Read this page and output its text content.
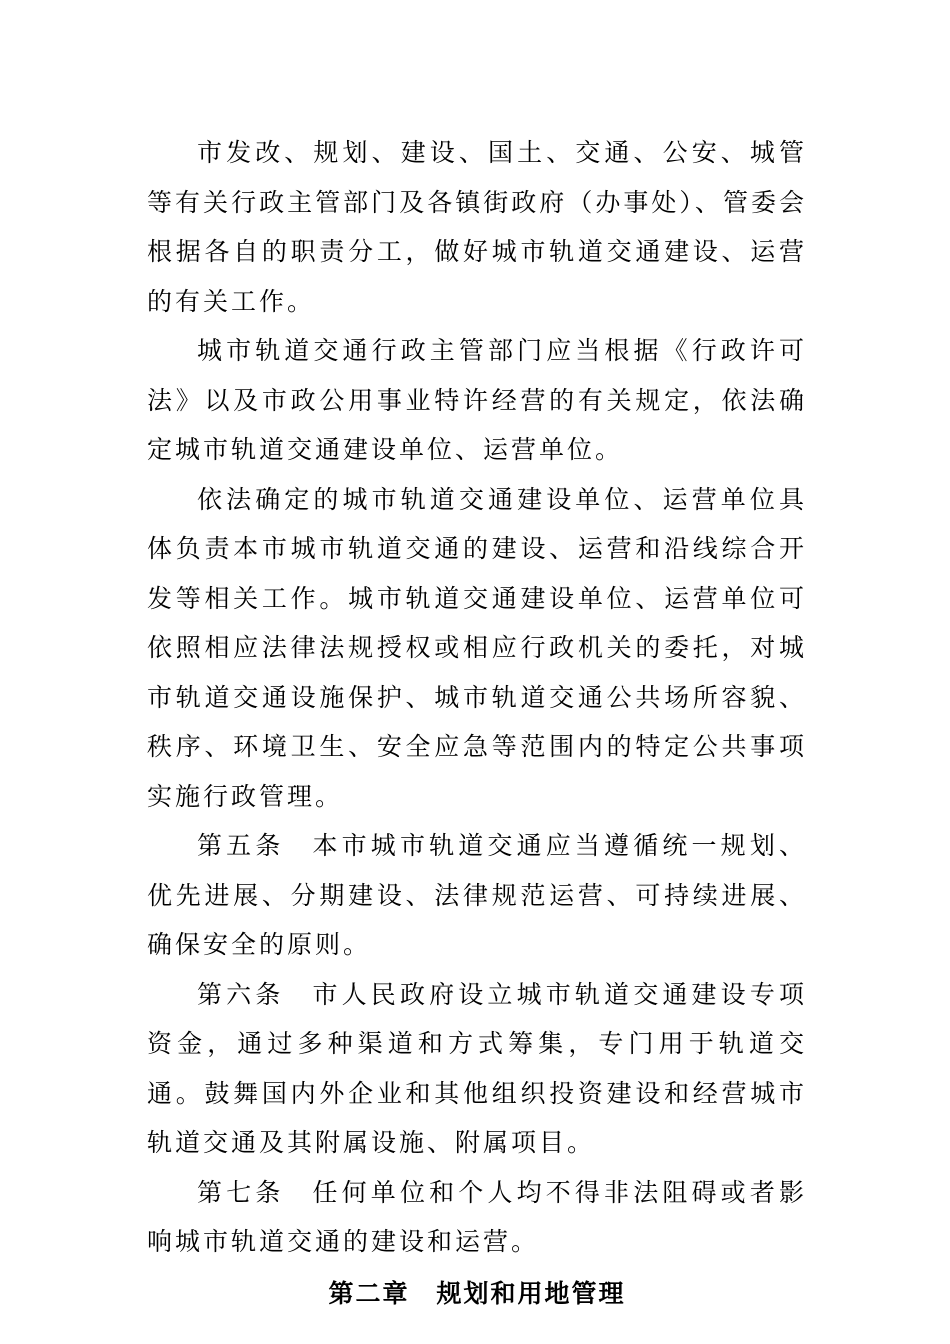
市发改、规划、建设、国土、交通、公安、城管等有关行政主管部门及各镇街政府（办事处）、管委会根据各自的职责分工，做好城市轨道交通建设、运营的有关工作。

城市轨道交通行政主管部门应当根据《行政许可法》以及市政公用事业特许经营的有关规定，依法确定城市轨道交通建设单位、运营单位。

依法确定的城市轨道交通建设单位、运营单位具体负责本市城市轨道交通的建设、运营和沿线综合开发等相关工作。城市轨道交通建设单位、运营单位可依照相应法律法规授权或相应行政机关的委托，对城市轨道交通设施保护、城市轨道交通公共场所容貌、秩序、环境卫生、安全应急等范围内的特定公共事项实施行政管理。

第五条 本市城市轨道交通应当遵循统一规划、优先进展、分期建设、法律规范运营、可持续进展、确保安全的原则。

第六条 市人民政府设立城市轨道交通建设专项资金，通过多种渠道和方式筹集，专门用于轨道交通。鼓舞国内外企业和其他组织投资建设和经营城市轨道交通及其附属设施、附属项目。

第七条 任何单位和个人均不得非法阻碍或者影响城市轨道交通的建设和运营。

第二章　规划和用地管理
